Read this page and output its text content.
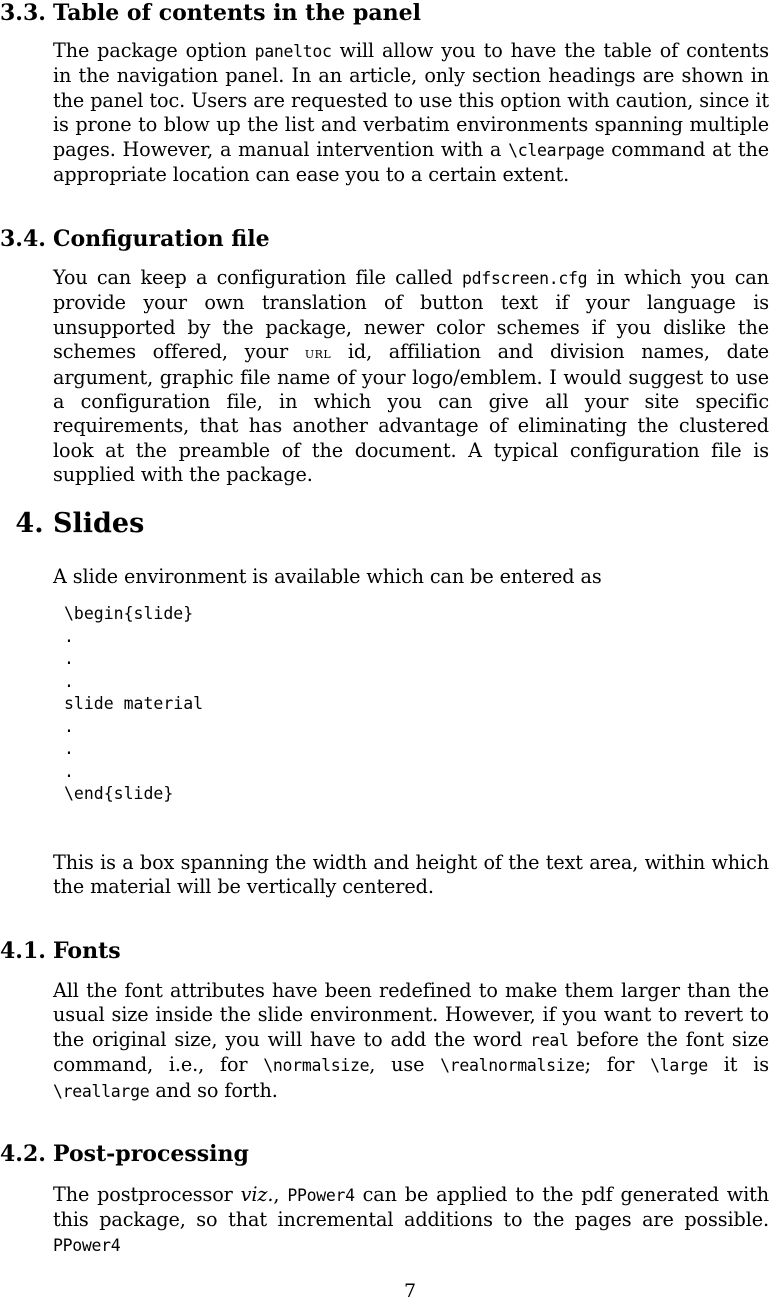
3.3. Table of contents in the panel

The package option paneltoc will allow you to have the table of contents in the navigation panel. In an article, only section headings are shown in the panel toc. Users are requested to use this option with caution, since it is prone to blow up the list and verbatim environments spanning multiple pages. However, a manual intervention with a \clearpage command at the appropriate location can ease you to a certain extent.

3.4. Configuration file

You can keep a configuration file called pdfscreen.cfg in which you can provide your own translation of button text if your language is unsupported by the package, newer color schemes if you dislike the schemes offered, your url id, affiliation and division names, date argument, graphic file name of your logo/emblem. I would suggest to use a configuration file, in which you can give all your site specific requirements, that has another advantage of eliminating the clustered look at the preamble of the document. A typical configuration file is supplied with the package.

4. Slides

A slide environment is available which can be entered as

\begin{slide}
.
.
.
slide material
.
.
.
\end{slide}

This is a box spanning the width and height of the text area, within which the material will be vertically centered.

4.1. Fonts

All the font attributes have been redefined to make them larger than the usual size inside the slide environment. However, if you want to revert to the original size, you will have to add the word real before the font size command, i.e., for \normalsize, use \realnormalsize; for \large it is \reallarge and so forth.

4.2. Post-processing

The postprocessor viz., PPower4 can be applied to the pdf generated with this package, so that incremental additions to the pages are possible. PPower4

7
